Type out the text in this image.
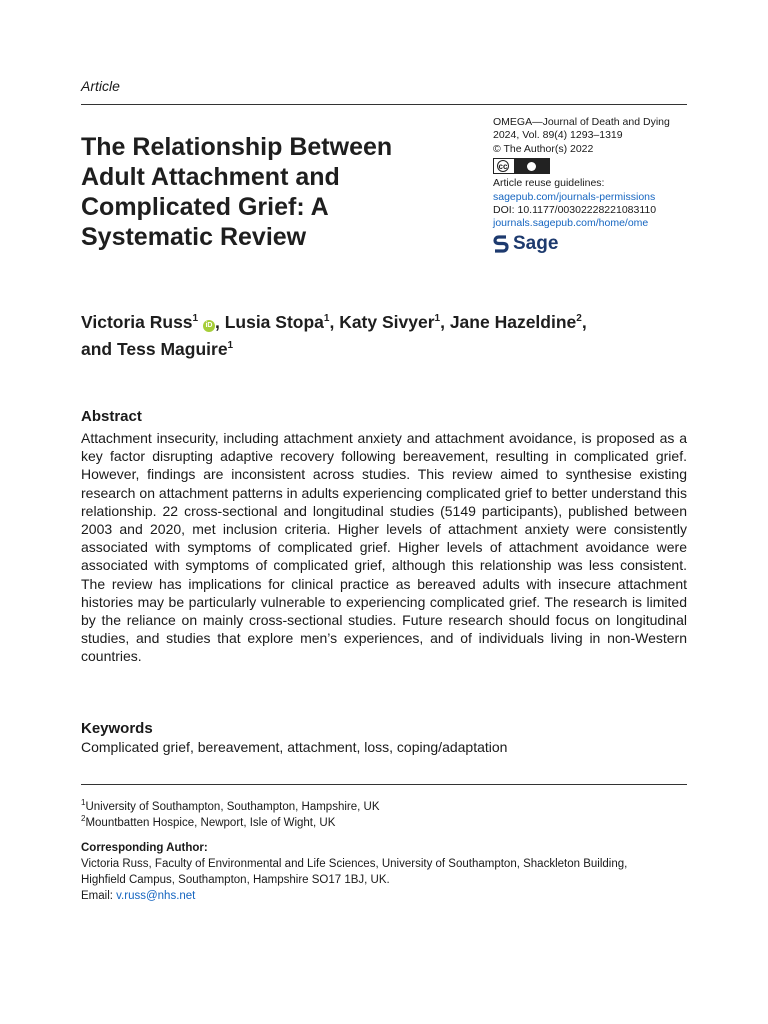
Article
The Relationship Between Adult Attachment and Complicated Grief: A Systematic Review
OMEGA—Journal of Death and Dying
2024, Vol. 89(4) 1293–1319
© The Author(s) 2022
cc
Article reuse guidelines:
sagepub.com/journals-permissions
DOI: 10.1177/00302228221083110
journals.sagepub.com/home/ome
Sage

Victoria Russ$^1$ iD , Lusia Stopa$^1$, Katy Sivyer$^1$, Jane Hazeldine$^2$,
and Tess Maguire$^1$

Abstract

Attachment insecurity, including attachment anxiety and attachment avoidance, is proposed as a key factor disrupting adaptive recovery following bereavement, resulting in complicated grief. However, findings are inconsistent across studies. This review aimed to synthesise existing research on attachment patterns in adults experiencing complicated grief to better understand this relationship. 22 cross-sectional and longitudinal studies (5149 participants), published between 2003 and 2020, met inclusion criteria. Higher levels of attachment anxiety were consistently associated with symptoms of complicated grief. Higher levels of attachment avoidance were associated with symptoms of complicated grief, although this relationship was less consistent. The review has implications for clinical practice as bereaved adults with insecure attachment histories may be particularly vulnerable to experiencing complicated grief. The research is limited by the reliance on mainly cross-sectional studies. Future research should focus on longitudinal studies, and studies that explore men’s experiences, and of individuals living in non-Western countries.

Keywords
Complicated grief, bereavement, attachment, loss, coping/adaptation
$^1$University of Southampton, Southampton, Hampshire, UK
$^2$Mountbatten Hospice, Newport, Isle of Wight, UK
Corresponding Author:
Victoria Russ, Faculty of Environmental and Life Sciences, University of Southampton, Shackleton Building,
Highfield Campus, Southampton, Hampshire SO17 1BJ, UK.
Email: v.russ@nhs.net
